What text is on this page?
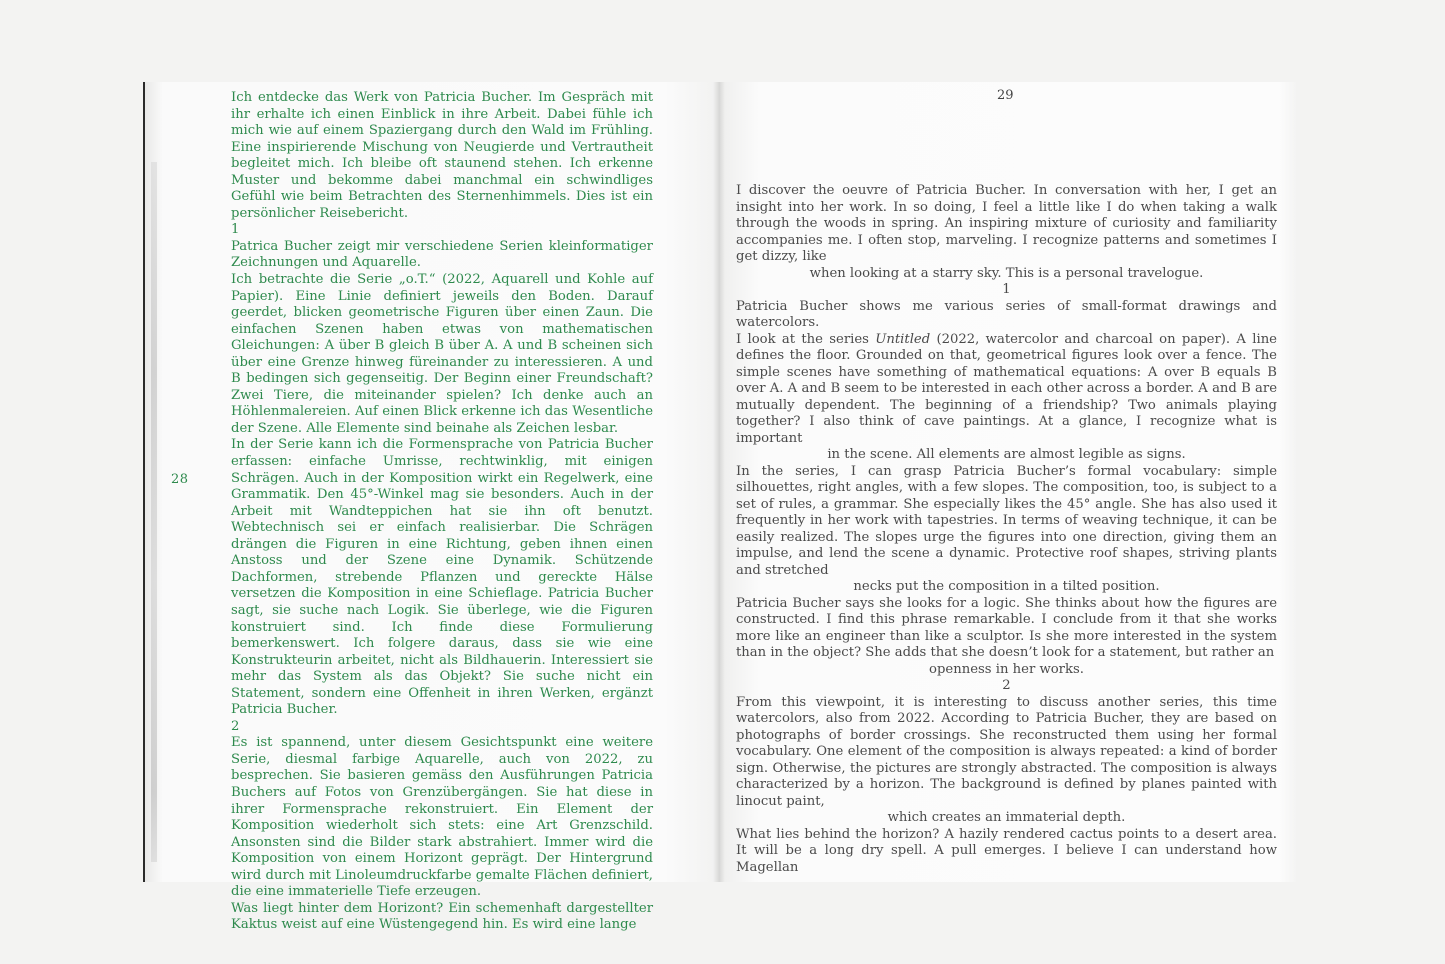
28

Ich entdecke das Werk von Patricia Bucher. Im Gespräch mit ihr erhalte ich einen Einblick in ihre Arbeit. Dabei fühle ich mich wie auf einem Spaziergang durch den Wald im Frühling. Eine inspirierende Mischung von Neugierde und Vertrautheit begleitet mich. Ich bleibe oft staunend stehen. Ich erkenne Muster und bekomme dabei manchmal ein schwindliges Gefühl wie beim Betrachten des Sternenhimmels. Dies ist ein persönlicher Reisebericht.

1

Patrica Bucher zeigt mir verschiedene Serien kleinformatiger Zeichnungen und Aquarelle.

Ich betrachte die Serie „o.T.“ (2022, Aquarell und Kohle auf Papier). Eine Linie definiert jeweils den Boden. Darauf geerdet, blicken geometrische Figuren über einen Zaun. Die einfachen Szenen haben etwas von mathematischen Gleichungen: A über B gleich B über A. A und B scheinen sich über eine Grenze hinweg füreinander zu interessieren. A und B bedingen sich gegenseitig. Der Beginn einer Freundschaft? Zwei Tiere, die miteinander spielen? Ich denke auch an Höhlenmalereien. Auf einen Blick erkenne ich das Wesentliche der Szene. Alle Elemente sind beinahe als Zeichen lesbar.

In der Serie kann ich die Formensprache von Patricia Bucher erfassen: einfache Umrisse, rechtwinklig, mit einigen Schrägen. Auch in der Komposition wirkt ein Regelwerk, eine Grammatik. Den 45°-Winkel mag sie besonders. Auch in der Arbeit mit Wandteppichen hat sie ihn oft benutzt. Webtechnisch sei er einfach realisierbar. Die Schrägen drängen die Figuren in eine Richtung, geben ihnen einen Anstoss und der Szene eine Dynamik. Schützende Dachformen, strebende Pflanzen und gereckte Hälse versetzen die Komposition in eine Schieflage. Patricia Bucher sagt, sie suche nach Logik. Sie überlege, wie die Figuren konstruiert sind. Ich finde diese Formulierung bemerkenswert. Ich folgere daraus, dass sie wie eine Konstrukteurin arbeitet, nicht als Bildhauerin. Interessiert sie mehr das System als das Objekt? Sie suche nicht ein Statement, sondern eine Offenheit in ihren Werken, ergänzt Patricia Bucher.

2

Es ist spannend, unter diesem Gesichtspunkt eine weitere Serie, diesmal farbige Aquarelle, auch von 2022, zu besprechen. Sie basieren gemäss den Ausführungen Patricia Buchers auf Fotos von Grenzübergängen. Sie hat diese in ihrer Formensprache rekonstruiert. Ein Element der Komposition wiederholt sich stets: eine Art Grenzschild. Ansonsten sind die Bilder stark abstrahiert. Immer wird die Komposition von einem Horizont geprägt. Der Hintergrund wird durch mit Linoleumdruckfarbe gemalte Flächen definiert, die eine immaterielle Tiefe erzeugen.

Was liegt hinter dem Horizont? Ein schemenhaft dargestellter Kaktus weist auf eine Wüstengegend hin. Es wird eine lange

29

I discover the oeuvre of Patricia Bucher. In conversation with her, I get an insight into her work. In so doing, I feel a little like I do when taking a walk through the woods in spring. An inspiring mixture of curiosity and familiarity accompanies me. I often stop, marveling. I recognize patterns and sometimes I get dizzy, like

when looking at a starry sky. This is a personal travelogue.

1

Patricia Bucher shows me various series of small-format drawings and watercolors.

I look at the series Untitled (2022, watercolor and charcoal on paper). A line defines the floor. Grounded on that, geometrical figures look over a fence. The simple scenes have something of mathematical equations: A over B equals B over A. A and B seem to be interested in each other across a border. A and B are mutually dependent. The beginning of a friendship? Two animals playing together? I also think of cave paintings. At a glance, I recognize what is important

in the scene. All elements are almost legible as signs.

In the series, I can grasp Patricia Bucher’s formal vocabulary: simple silhouettes, right angles, with a few slopes. The composition, too, is subject to a set of rules, a grammar. She especially likes the 45° angle. She has also used it frequently in her work with tapestries. In terms of weaving technique, it can be easily realized. The slopes urge the figures into one direction, giving them an impulse, and lend the scene a dynamic. Protective roof shapes, striving plants and stretched

necks put the composition in a tilted position.

Patricia Bucher says she looks for a logic. She thinks about how the figures are constructed. I find this phrase remarkable. I conclude from it that she works more like an engineer than like a sculptor. Is she more interested in the system than in the object? She adds that she doesn’t look for a statement, but rather an

openness in her works.

2

From this viewpoint, it is interesting to discuss another series, this time watercolors, also from 2022. According to Patricia Bucher, they are based on photographs of border crossings. She reconstructed them using her formal vocabulary. One element of the composition is always repeated: a kind of border sign. Otherwise, the pictures are strongly abstracted. The composition is always characterized by a horizon. The background is defined by planes painted with linocut paint,

which creates an immaterial depth.

What lies behind the horizon? A hazily rendered cactus points to a desert area. It will be a long dry spell. A pull emerges. I believe I can understand how Magellan
